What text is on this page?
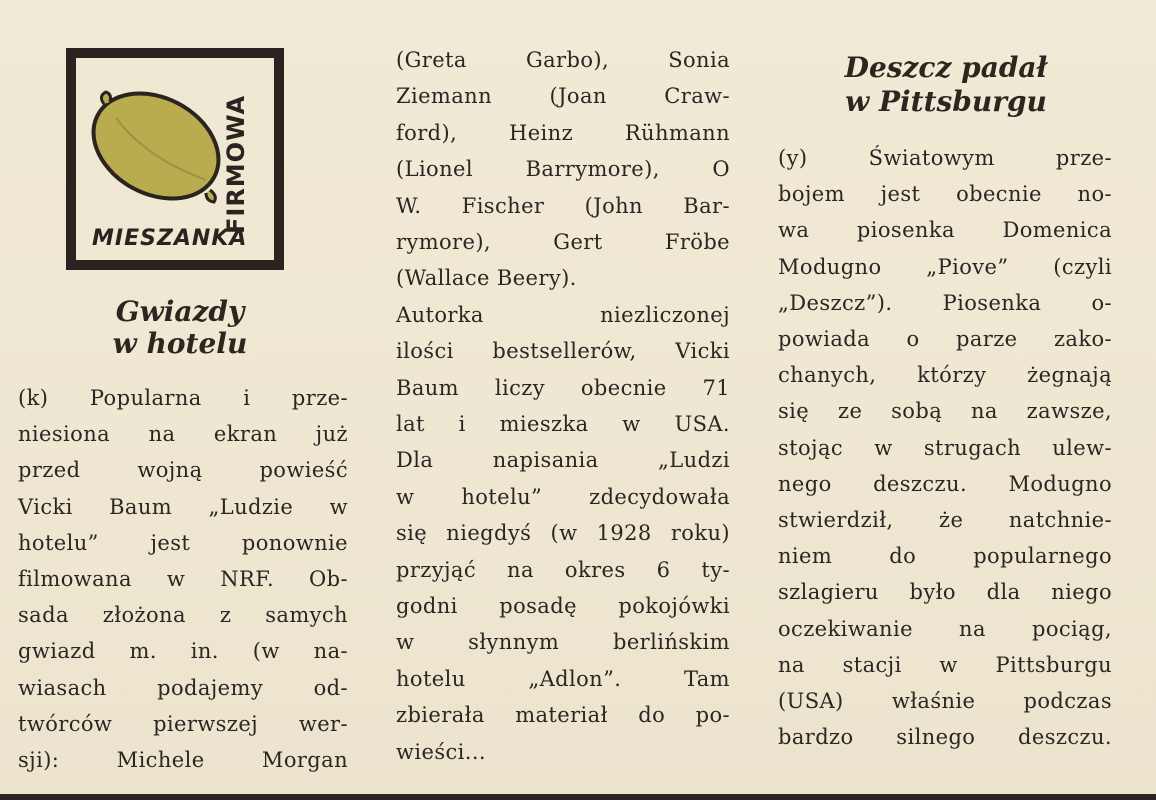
FIRMOWA
MIESZANKA
Gwiazdy
w hotelu
(k) Popularna i prze-
niesiona na ekran już
przed wojną powieść
Vicki Baum „Ludzie w
hotelu” jest ponownie
filmowana w NRF. Ob-
sada złożona z samych
gwiazd m. in. (w na-
wiasach podajemy od-
twórców pierwszej wer-
sji): Michele Morgan
(Greta Garbo), Sonia
Ziemann (Joan Craw-
ford), Heinz Rühmann
(Lionel Barrymore), O
W. Fischer (John Bar-
rymore), Gert Fröbe
(Wallace Beery).
Autorka niezliczonej
ilości bestsellerów, Vicki
Baum liczy obecnie 71
lat i mieszka w USA.
Dla napisania „Ludzi
w hotelu” zdecydowała
się niegdyś (w 1928 roku)
przyjąć na okres 6 ty-
godni posadę pokojówki
w słynnym berlińskim
hotelu „Adlon”. Tam
zbierała materiał do po-
wieści...
Deszcz padał
w Pittsburgu
(y) Światowym prze-
bojem jest obecnie no-
wa piosenka Domenica
Modugno „Piove” (czyli
„Deszcz”). Piosenka o-
powiada o parze zako-
chanych, którzy żegnają
się ze sobą na zawsze,
stojąc w strugach ulew-
nego deszczu. Modugno
stwierdził, że natchnie-
niem do popularnego
szlagieru było dla niego
oczekiwanie na pociąg,
na stacji w Pittsburgu
(USA) właśnie podczas
bardzo silnego deszczu.
